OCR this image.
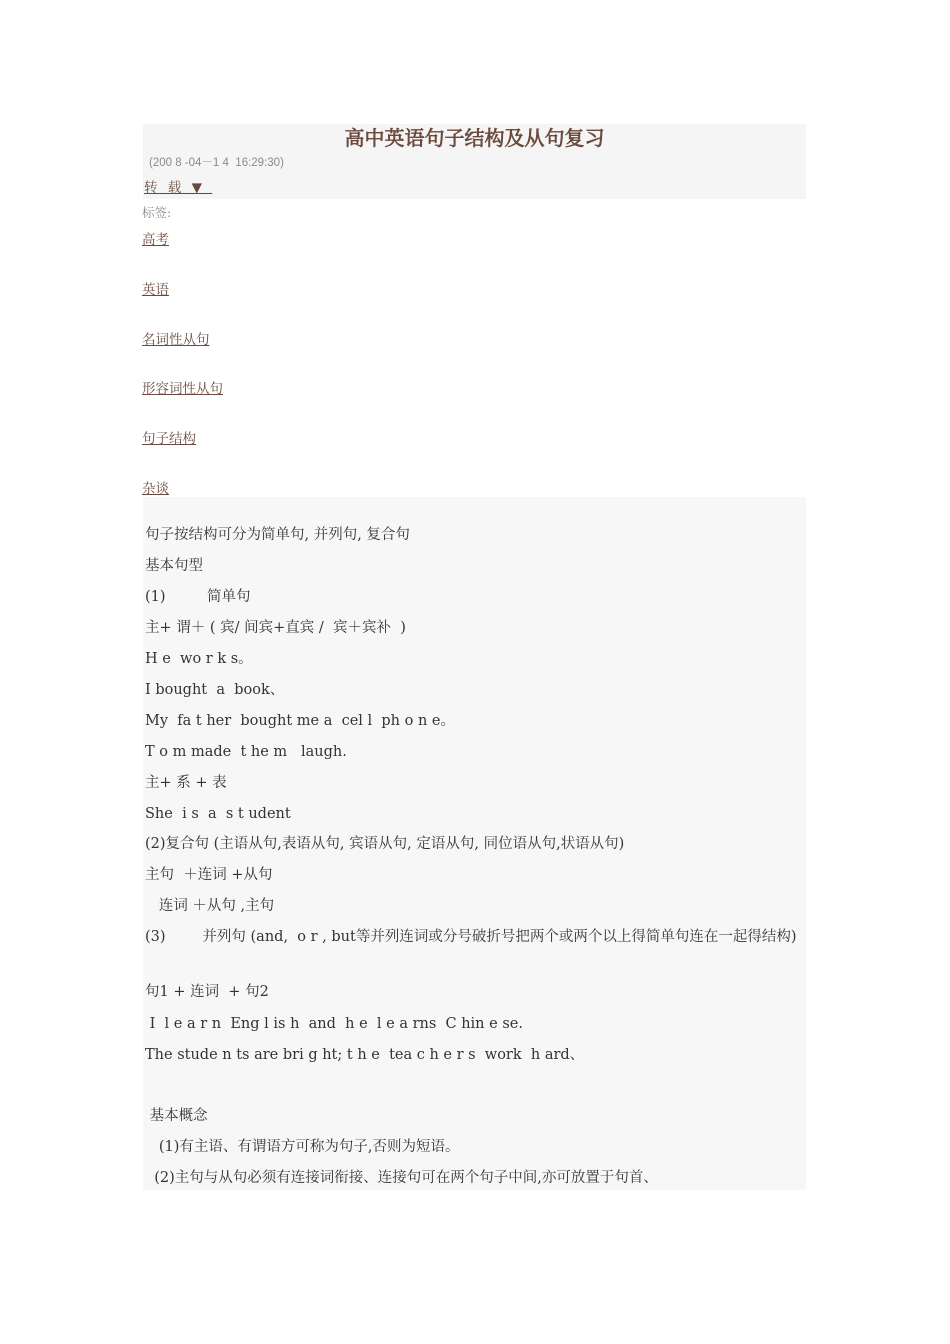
高中英语句子结构及从句复习
(200 8 -04－1 4  16:29:30)
转 载 ▼
标签:
高考
英语
名词性从句
形容词性从句
句子结构
杂谈
句子按结构可分为简单句, 并列句, 复合句
基本句型
(1)         简单句
主+ 谓＋ ( 宾/ 间宾+直宾 /  宾＋宾补  )
H e  wo r k s。
I bought  a  book、
My  fa t her  bought me a  cel l  ph o n e。
T o m made  t he m   laugh.
主+ 系 + 表
She  i s  a  s t udent
(2)复合句 (主语从句,表语从句, 宾语从句, 定语从句, 同位语从句,状语从句)
主句  ＋连词 +从句
连词 ＋从句 ,主句
(3)        并列句 (and,  o r , but等并列连词或分号破折号把两个或两个以上得简单句连在一起得结构)
句1 + 连词  + 句2
I  l e a r n  Eng l is h  and  h e  l e a rns  C hin e se.
The stude n ts are bri g ht; t h e  tea c h e r s  work  h ard、
基本概念
(1)有主语、有谓语方可称为句子,否则为短语。
(2)主句与从句必须有连接词衔接、连接句可在两个句子中间,亦可放置于句首、
